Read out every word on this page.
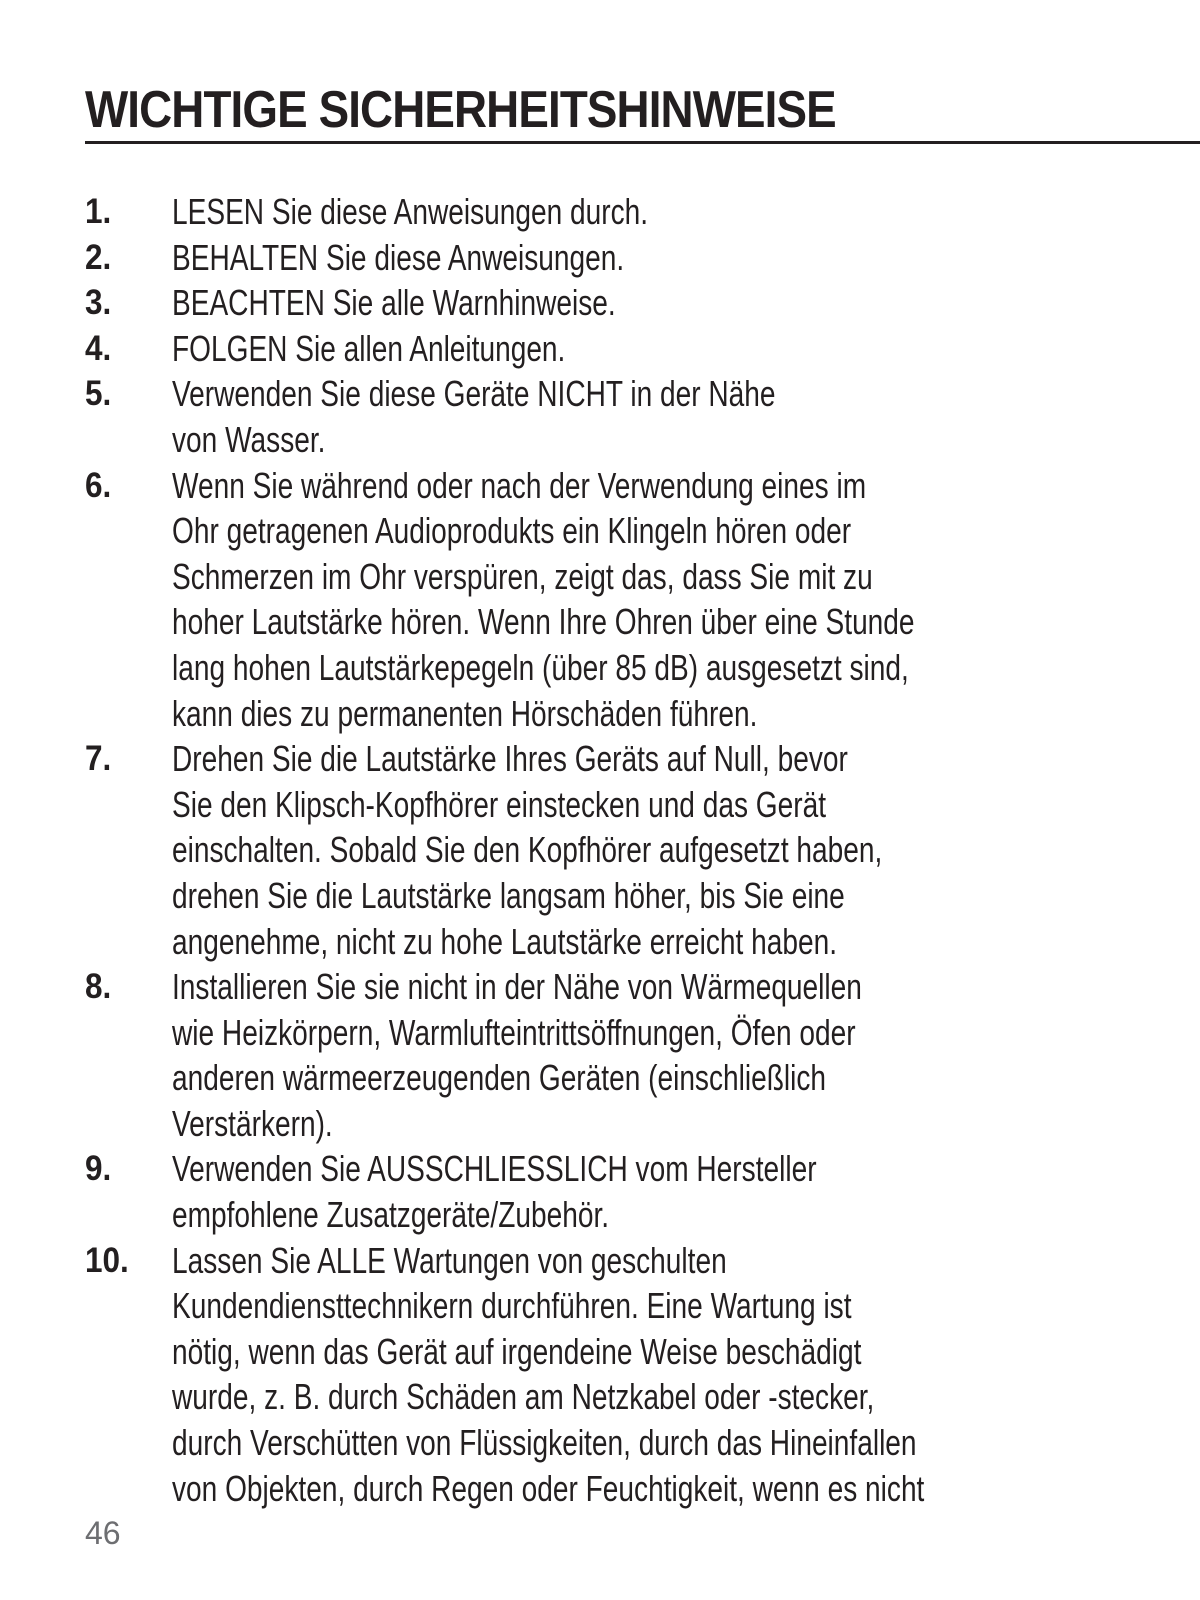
WICHTIGE SICHERHEITSHINWEISE
1. LESEN Sie diese Anweisungen durch.
2. BEHALTEN Sie diese Anweisungen.
3. BEACHTEN Sie alle Warnhinweise.
4. FOLGEN Sie allen Anleitungen.
5. Verwenden Sie diese Geräte NICHT in der Nähe
von Wasser.
6. Wenn Sie während oder nach der Verwendung eines im
Ohr getragenen Audioprodukts ein Klingeln hören oder
Schmerzen im Ohr verspüren, zeigt das, dass Sie mit zu
hoher Lautstärke hören. Wenn Ihre Ohren über eine Stunde
lang hohen Lautstärkepegeln (über 85 dB) ausgesetzt sind,
kann dies zu permanenten Hörschäden führen.
7. Drehen Sie die Lautstärke Ihres Geräts auf Null, bevor
Sie den Klipsch-Kopfhörer einstecken und das Gerät
einschalten. Sobald Sie den Kopfhörer aufgesetzt haben,
drehen Sie die Lautstärke langsam höher, bis Sie eine
angenehme, nicht zu hohe Lautstärke erreicht haben.
8. Installieren Sie sie nicht in der Nähe von Wärmequellen
wie Heizkörpern, Warmlufteintrittsöffnungen, Öfen oder
anderen wärmeerzeugenden Geräten (einschließlich
Verstärkern).
9. Verwenden Sie AUSSCHLIESSLICH vom Hersteller
empfohlene Zusatzgeräte/Zubehör.
10. Lassen Sie ALLE Wartungen von geschulten
Kundendiensttechnikern durchführen. Eine Wartung ist
nötig, wenn das Gerät auf irgendeine Weise beschädigt
wurde, z. B. durch Schäden am Netzkabel oder -stecker,
durch Verschütten von Flüssigkeiten, durch das Hineinfallen
von Objekten, durch Regen oder Feuchtigkeit, wenn es nicht
46
